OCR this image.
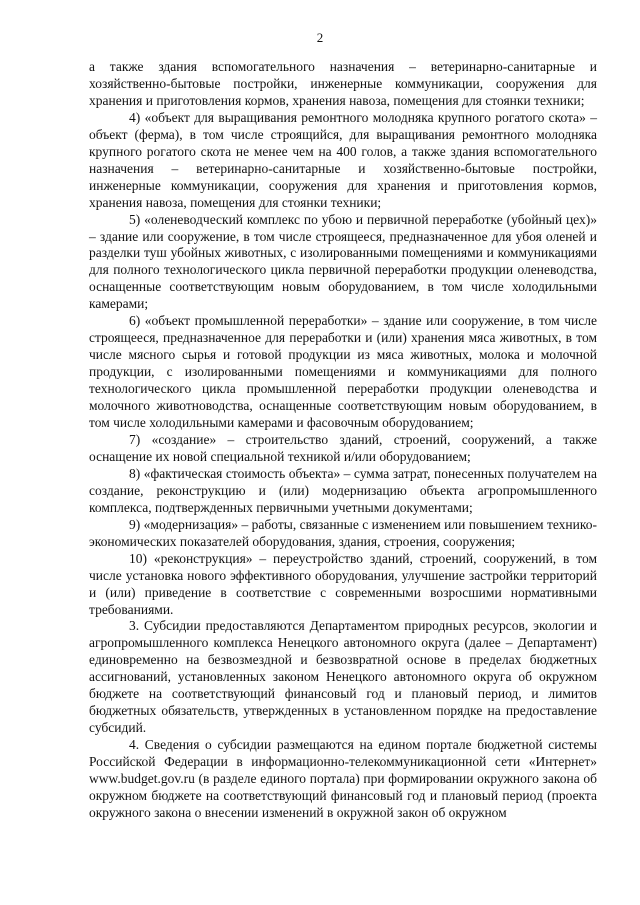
2

а также здания вспомогательного назначения – ветеринарно-санитарные и хозяйственно-бытовые постройки, инженерные коммуникации, сооружения для хранения и приготовления кормов, хранения навоза, помещения для стоянки техники;

4) «объект для выращивания ремонтного молодняка крупного рогатого скота» – объект (ферма), в том числе строящийся, для выращивания ремонтного молодняка крупного рогатого скота не менее чем на 400 голов, а также здания вспомогательного назначения – ветеринарно-санитарные и хозяйственно-бытовые постройки, инженерные коммуникации, сооружения для хранения и приготовления кормов, хранения навоза, помещения для стоянки техники;

5) «оленеводческий комплекс по убою и первичной переработке (убойный цех)» – здание или сооружение, в том числе строящееся, предназначенное для убоя оленей и разделки туш убойных животных, с изолированными помещениями и коммуникациями для полного технологического цикла первичной переработки продукции оленеводства, оснащенные соответствующим новым оборудованием, в том числе холодильными камерами;

6) «объект промышленной переработки» – здание или сооружение, в том числе строящееся, предназначенное для переработки и (или) хранения мяса животных, в том числе мясного сырья и готовой продукции из мяса животных, молока и молочной продукции, с изолированными помещениями и коммуникациями для полного технологического цикла промышленной переработки продукции оленеводства и молочного животноводства, оснащенные соответствующим новым оборудованием, в том числе холодильными камерами и фасовочным оборудованием;

7) «создание» – строительство зданий, строений, сооружений, а также оснащение их новой специальной техникой и/или оборудованием;

8) «фактическая стоимость объекта» – сумма затрат, понесенных получателем на создание, реконструкцию и (или) модернизацию объекта агропромышленного комплекса, подтвержденных первичными учетными документами;

9) «модернизация» – работы, связанные с изменением или повышением технико-экономических показателей оборудования, здания, строения, сооружения;

10) «реконструкция» – переустройство зданий, строений, сооружений, в том числе установка нового эффективного оборудования, улучшение застройки территорий и (или) приведение в соответствие с современными возросшими нормативными требованиями.

3. Субсидии предоставляются Департаментом природных ресурсов, экологии и агропромышленного комплекса Ненецкого автономного округа (далее – Департамент) единовременно на безвозмездной и безвозвратной основе в пределах бюджетных ассигнований, установленных законом Ненецкого автономного округа об окружном бюджете на соответствующий финансовый год и плановый период, и лимитов бюджетных обязательств, утвержденных в установленном порядке на предоставление субсидий.

4. Сведения о субсидии размещаются на едином портале бюджетной системы Российской Федерации в информационно-телекоммуникационной сети «Интернет» www.budget.gov.ru (в разделе единого портала) при формировании окружного закона об окружном бюджете на соответствующий финансовый год и плановый период (проекта окружного закона о внесении изменений в окружной закон об окружном
